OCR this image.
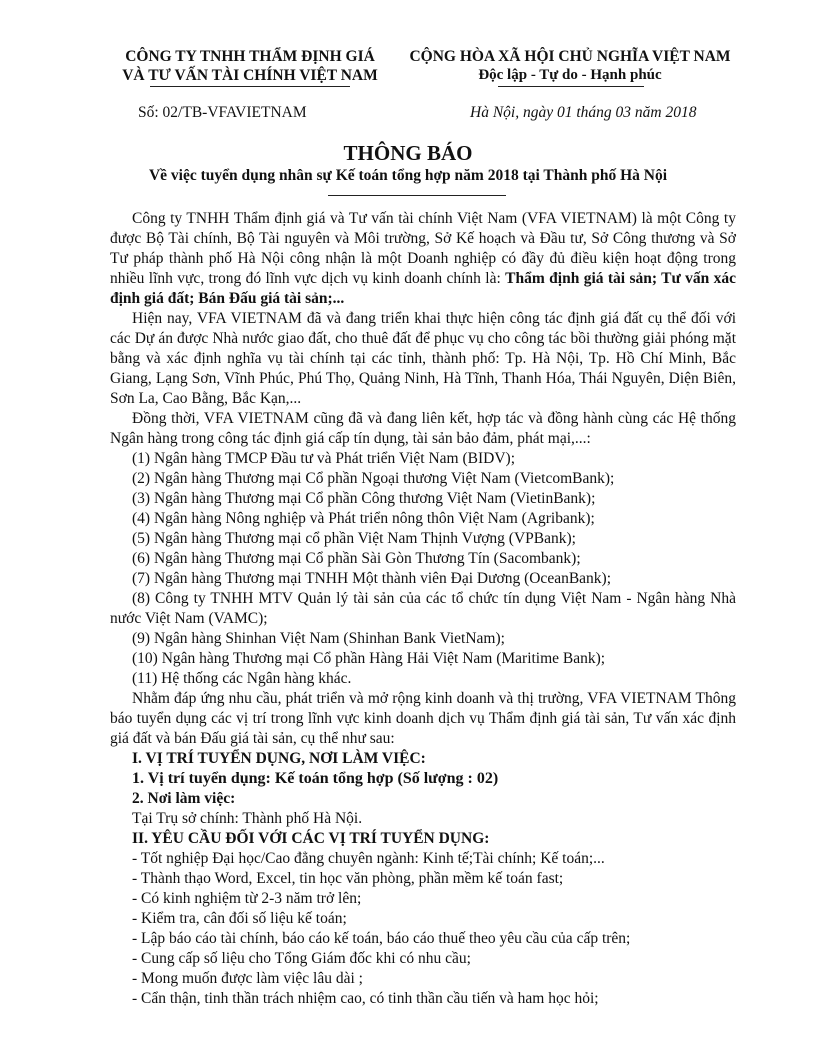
CÔNG TY TNHH THẨM ĐỊNH GIÁ
VÀ TƯ VẤN TÀI CHÍNH VIỆT NAM
CỘNG HÒA XÃ HỘI CHỦ NGHĨA VIỆT NAM
Độc lập - Tự do - Hạnh phúc
Số: 02/TB-VFAVIETNAM	Hà Nội, ngày 01 tháng 03 năm 2018
THÔNG BÁO
Về việc tuyển dụng nhân sự Kế toán tổng hợp năm 2018 tại Thành phố Hà Nội

Công ty TNHH Thẩm định giá và Tư vấn tài chính Việt Nam (VFA VIETNAM) là một Công ty được Bộ Tài chính, Bộ Tài nguyên và Môi trường, Sở Kế hoạch và Đầu tư, Sở Công thương và Sở Tư pháp thành phố Hà Nội công nhận là một Doanh nghiệp có đầy đủ điều kiện hoạt động trong nhiều lĩnh vực, trong đó lĩnh vực dịch vụ kinh doanh chính là: Thẩm định giá tài sản; Tư vấn xác định giá đất; Bán Đấu giá tài sản;...

Hiện nay, VFA VIETNAM đã và đang triển khai thực hiện công tác định giá đất cụ thể đối với các Dự án được Nhà nước giao đất, cho thuê đất để phục vụ cho công tác bồi thường giải phóng mặt bằng và xác định nghĩa vụ tài chính tại các tỉnh, thành phố: Tp. Hà Nội, Tp. Hồ Chí Minh, Bắc Giang, Lạng Sơn, Vĩnh Phúc, Phú Thọ, Quảng Ninh, Hà Tĩnh, Thanh Hóa, Thái Nguyên, Diện Biên, Sơn La, Cao Bằng, Bắc Kạn,...

Đồng thời, VFA VIETNAM cũng đã và đang liên kết, hợp tác và đồng hành cùng các Hệ thống Ngân hàng trong công tác định giá cấp tín dụng, tài sản bảo đảm, phát mại,...:

(1) Ngân hàng TMCP Đầu tư và Phát triển Việt Nam (BIDV);

(2) Ngân hàng Thương mại Cổ phần Ngoại thương Việt Nam (VietcomBank);

(3) Ngân hàng Thương mại Cổ phần Công thương Việt Nam (VietinBank);

(4) Ngân hàng Nông nghiệp và Phát triển nông thôn Việt Nam (Agribank);

(5) Ngân hàng Thương mại cổ phần Việt Nam Thịnh Vượng (VPBank);

(6) Ngân hàng Thương mại Cổ phần Sài Gòn Thương Tín (Sacombank);

(7) Ngân hàng Thương mại TNHH Một thành viên Đại Dương (OceanBank);

(8) Công ty TNHH MTV Quản lý tài sản của các tổ chức tín dụng Việt Nam - Ngân hàng Nhà nước Việt Nam (VAMC);

(9) Ngân hàng Shinhan Việt Nam (Shinhan Bank VietNam);

(10) Ngân hàng Thương mại Cổ phần Hàng Hải Việt Nam (Maritime Bank);

(11) Hệ thống các Ngân hàng khác.

Nhằm đáp ứng nhu cầu, phát triển và mở rộng kinh doanh và thị trường, VFA VIETNAM Thông báo tuyển dụng các vị trí trong lĩnh vực kinh doanh dịch vụ Thẩm định giá tài sản, Tư vấn xác định giá đất và bán Đấu giá tài sản, cụ thể như sau:

I. VỊ TRÍ TUYỂN DỤNG, NƠI LÀM VIỆC:

1. Vị trí tuyển dụng: Kế toán tổng hợp (Số lượng : 02)

2. Nơi làm việc:

Tại Trụ sở chính: Thành phố Hà Nội.

II. YÊU CẦU ĐỐI VỚI CÁC VỊ TRÍ TUYỂN DỤNG:

- Tốt nghiệp Đại học/Cao đẳng chuyên ngành: Kinh tế;Tài chính; Kế toán;...

- Thành thạo Word, Excel, tin học văn phòng, phần mềm kế toán fast;

- Có kinh nghiệm từ 2-3 năm trở lên;

- Kiểm tra, cân đối số liệu kế toán;

- Lập báo cáo tài chính, báo cáo kế toán, báo cáo thuế theo yêu cầu của cấp trên;

- Cung cấp số liệu cho Tổng Giám đốc khi có nhu cầu;

- Mong muốn được làm việc lâu dài ;

- Cẩn thận, tinh thần trách nhiệm cao, có tinh thần cầu tiến và ham học hỏi;
